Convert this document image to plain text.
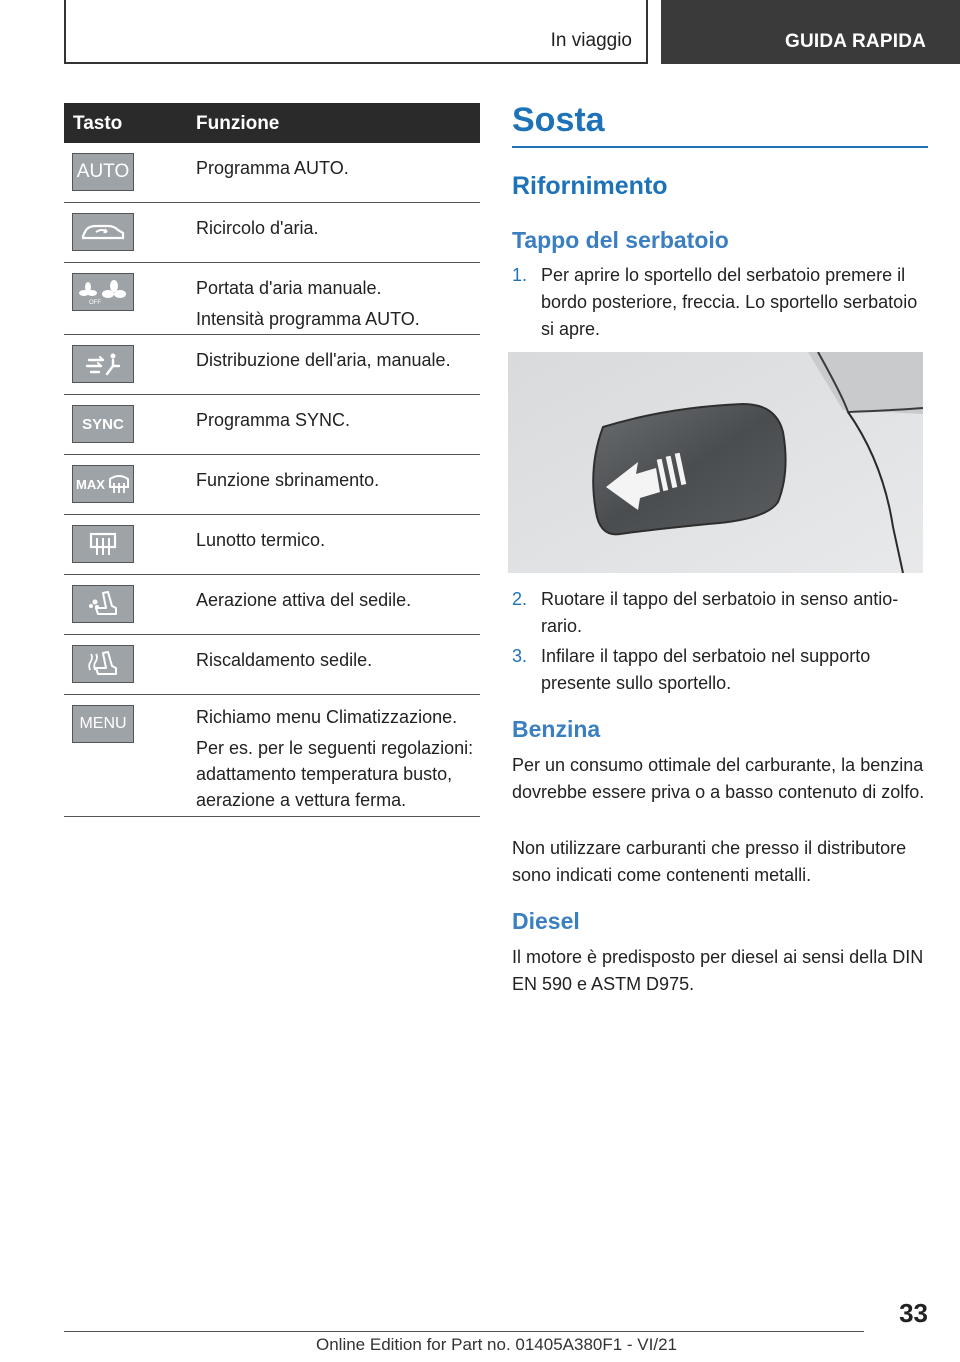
In viaggio	GUIDA RAPIDA
Tasto	Funzione
AUTO	Programma AUTO.

Ricircolo d'aria.

OFF

Portata d'aria manuale.

Intensità programma AUTO.

Distribuzione dell'aria, manuale.

SYNC	Programma SYNC.

MAX	Funzione sbrinamento.

Lunotto termico.

Aerazione attiva del sedile.

Riscaldamento sedile.

MENU	Richiamo menu Climatizzazione.

Per es. per le seguenti regolazioni: adattamento temperatura busto, aerazione a vettura ferma.

Sosta
Rifornimento
Tappo del serbatoio
1. Per aprire lo sportello del serbatoio premere il bordo posteriore, freccia. Lo sportello serbatoio si apre.
2. Ruotare il tappo del serbatoio in senso antiorario.
3. Infilare il tappo del serbatoio nel supporto presente sullo sportello.
Benzina
Per un consumo ottimale del carburante, la benzina dovrebbe essere priva o a basso contenuto di zolfo.
Non utilizzare carburanti che presso il distributore sono indicati come contenenti metalli.
Diesel
Il motore è predisposto per diesel ai sensi della DIN EN 590 e ASTM D975.
33
Online Edition for Part no. 01405A380F1 - VI/21
